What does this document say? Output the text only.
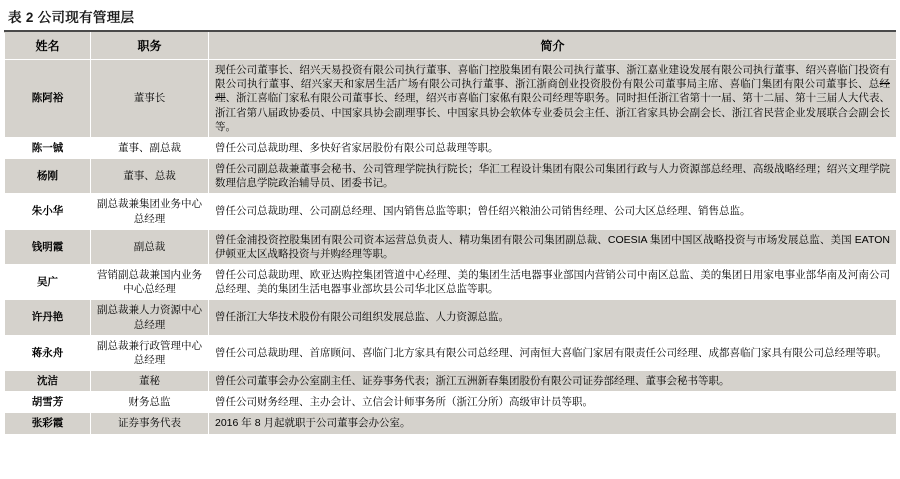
表 2 公司现有管理层
姓名	职务	简介
陈阿裕	董事长	现任公司董事长、绍兴天易投资有限公司执行董事、喜临门控股集团有限公司执行董事、浙江嘉业建设发展有限公司执行董事、绍兴喜临门投资有限公司执行董事、绍兴家天和家居生活广场有限公司执行董事、浙江浙商创业投资股份有限公司董事局主席、喜临门集团有限公司董事长、总经理、浙江喜临门家私有限公司董事长、经理，绍兴市喜临门家俬有限公司经理等职务。同时担任浙江省第十一届、第十二届、第十三届人大代表、浙江省第八届政协委员、中国家具协会副理事长、中国家具协会软体专业委员会主任、浙江省家具协会副会长、浙江省民营企业发展联合会副会长等。
陈一铖	董事、副总裁	曾任公司总裁助理、多快好省家居股份有限公司总裁理等职。
杨刚	董事、总裁	曾任公司副总裁兼董事会秘书、公司管理学院执行院长；华汇工程设计集团有限公司集团行政与人力资源部总经理、高级战略经理；绍兴文理学院数理信息学院政治辅导员、团委书记。
朱小华	副总裁兼集团业务中心总经理	曾任公司总裁助理、公司副总经理、国内销售总监等职；曾任绍兴粮油公司销售经理、公司大区总经理、销售总监。
钱明霞	副总裁	曾任金浦投资控股集团有限公司资本运营总负责人、精功集团有限公司集团副总裁、COESIA 集团中国区战略投资与市场发展总监、美国 EATON 伊顿亚太区战略投资与并购经理等职。
吴广	营销副总裁兼国内业务中心总经理	曾任公司总裁助理、欧亚达购控集团管道中心经理、美的集团生活电器事业部国内营销公司中南区总监、美的集团日用家电事业部华南及河南公司总经理、美的集团生活电器事业部坎县公司华北区总监等职。
许丹艳	副总裁兼人力资源中心总经理	曾任浙江大华技术股份有限公司组织发展总监、人力资源总监。
蒋永舟	副总裁兼行政管理中心总经理	曾任公司总裁助理、首席顾问、喜临门北方家具有限公司总经理、河南恒大喜临门家居有限责任公司经理、成都喜临门家具有限公司总经理等职。
沈洁	董秘	曾任公司董事会办公室副主任、证券事务代表；浙江五洲新春集团股份有限公司证券部经理、董事会秘书等职。
胡雪芳	财务总监	曾任公司财务经理、主办会计、立信会计师事务所（浙江分所）高级审计员等职。
张彩霞	证券事务代表	2016 年 8 月起就职于公司董事会办公室。
